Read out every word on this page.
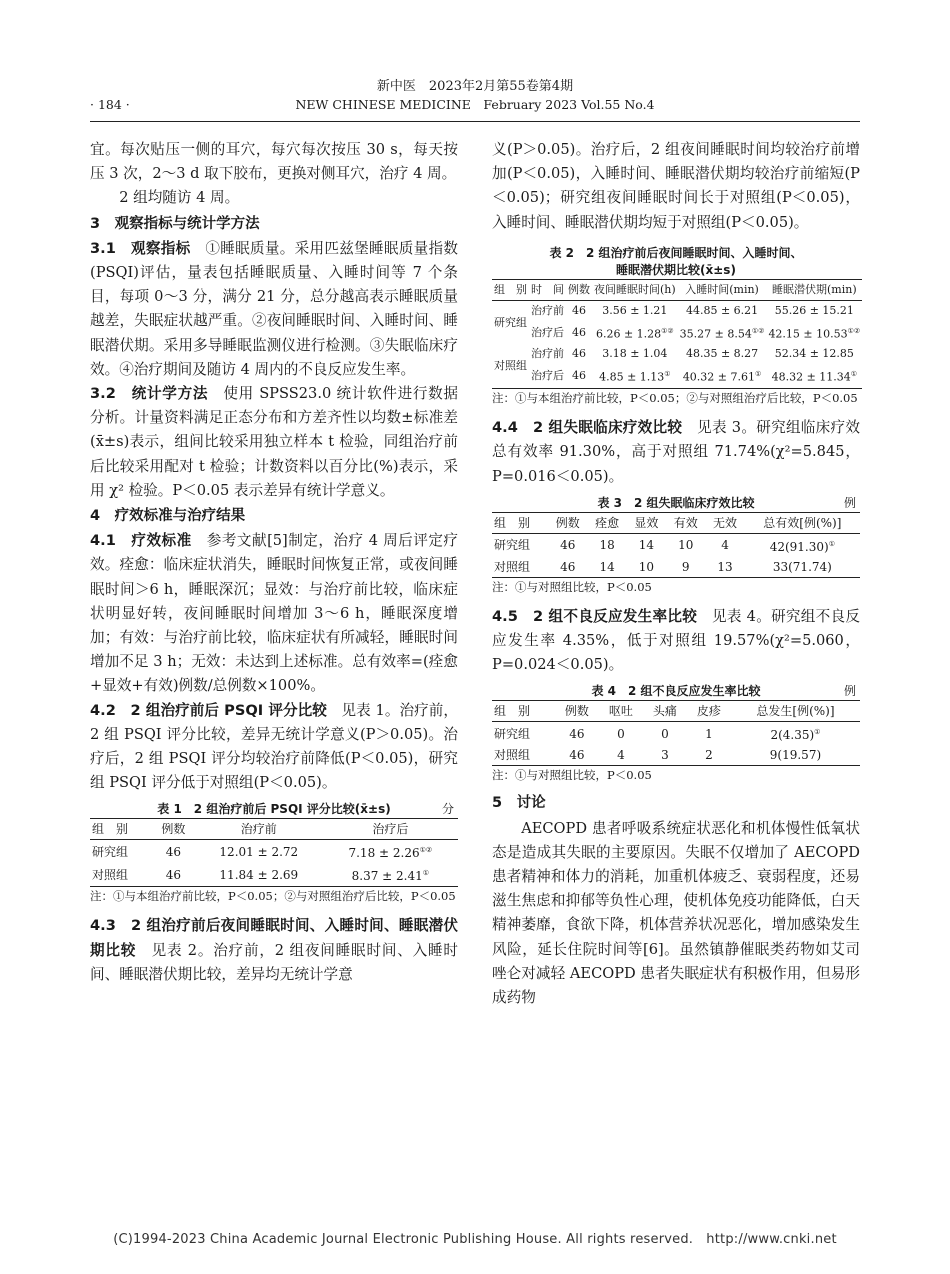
新中医　2023年2月第55卷第4期
· 184 ·	NEW CHINESE MEDICINE　February 2023 Vol.55 No.4
宜。每次贴压一侧的耳穴，每穴每次按压 30 s，每天按压 3 次，2～3 d 取下胶布，更换对侧耳穴，治疗 4 周。
2 组均随访 4 周。
3　观察指标与统计学方法
3.1　观察指标　 ①睡眠质量。采用匹兹堡睡眠质量指数(PSQI)评估，量表包括睡眠质量、入睡时间等 7 个条目，每项 0～3 分，满分 21 分，总分越高表示睡眠质量越差，失眠症状越严重。②夜间睡眠时间、入睡时间、睡眠潜伏期。采用多导睡眠监测仪进行检测。③失眠临床疗效。④治疗期间及随访 4 周内的不良反应发生率。
3.2　统计学方法　 使用 SPSS23.0 统计软件进行数据分析。计量资料满足正态分布和方差齐性以均数±标准差(x̄±s)表示，组间比较采用独立样本 t 检验，同组治疗前后比较采用配对 t 检验；计数资料以百分比(%)表示，采用 χ² 检验。P＜0.05 表示差异有统计学意义。
4　疗效标准与治疗结果
4.1　疗效标准　 参考文献[5]制定，治疗 4 周后评定疗效。痊愈：临床症状消失，睡眠时间恢复正常，或夜间睡眠时间＞6 h，睡眠深沉；显效：与治疗前比较，临床症状明显好转，夜间睡眠时间增加 3～6 h，睡眠深度增加；有效：与治疗前比较，临床症状有所减轻，睡眠时间增加不足 3 h；无效：未达到上述标准。总有效率=(痊愈+显效+有效)例数/总例数×100%。
4.2　2 组治疗前后 PSQI 评分比较　 见表 1。治疗前，2 组 PSQI 评分比较，差异无统计学意义(P＞0.05)。治疗后，2 组 PSQI 评分均较治疗前降低(P＜0.05)，研究组 PSQI 评分低于对照组(P＜0.05)。
表 1　2 组治疗前后 PSQI 评分比较(x̄±s)	分
组　别	例数	治疗前	治疗后
研究组	46	12.01 ± 2.72	7.18 ± 2.26①②
对照组	46	11.84 ± 2.69	8.37 ± 2.41①
注：①与本组治疗前比较，P＜0.05；②与对照组治疗后比较，P＜0.05
4.3　2 组治疗前后夜间睡眠时间、入睡时间、睡眠潜伏期比较　 见表 2。治疗前，2 组夜间睡眠时间、入睡时间、睡眠潜伏期比较，差异均无统计学意
义(P＞0.05)。治疗后，2 组夜间睡眠时间均较治疗前增加(P＜0.05)，入睡时间、睡眠潜伏期均较治疗前缩短(P＜0.05)；研究组夜间睡眠时间长于对照组(P＜0.05)，入睡时间、睡眠潜伏期均短于对照组(P＜0.05)。
表 2　2 组治疗前后夜间睡眠时间、入睡时间、
睡眠潜伏期比较(x̄±s)
组　别	时　间	例数	夜间睡眠时间(h)	入睡时间(min)	睡眠潜伏期(min)
研究组	治疗前	46	3.56 ± 1.21	44.85 ± 6.21	55.26 ± 15.21
	治疗后	46	6.26 ± 1.28①②	35.27 ± 8.54①②	42.15 ± 10.53①②
对照组	治疗前	46	3.18 ± 1.04	48.35 ± 8.27	52.34 ± 12.85
	治疗后	46	4.85 ± 1.13①	40.32 ± 7.61①	48.32 ± 11.34①
注：①与本组治疗前比较，P＜0.05；②与对照组治疗后比较，P＜0.05
4.4　2 组失眠临床疗效比较　 见表 3。研究组临床疗效总有效率 91.30%，高于对照组 71.74%(χ²=5.845，P=0.016＜0.05)。
表 3　2 组失眠临床疗效比较	例
组　别	例数	痊愈	显效	有效	无效	总有效[例(%)]
研究组	46	18	14	10	4	42(91.30)①
对照组	46	14	10	9	13	33(71.74)
注：①与对照组比较，P＜0.05
4.5　2 组不良反应发生率比较　 见表 4。研究组不良反应发生率 4.35%，低于对照组 19.57%(χ²=5.060，P=0.024＜0.05)。
表 4　2 组不良反应发生率比较	例
组　别	例数	呕吐	头痛	皮疹	总发生[例(%)]
研究组	46	0	0	1	2(4.35)①
对照组	46	4	3	2	9(19.57)
注：①与对照组比较，P＜0.05
5　讨论
AECOPD 患者呼吸系统症状恶化和机体慢性低氧状态是造成其失眠的主要原因。失眠不仅增加了 AECOPD 患者精神和体力的消耗，加重机体疲乏、衰弱程度，还易滋生焦虑和抑郁等负性心理，使机体免疫功能降低，白天精神萎靡，食欲下降，机体营养状况恶化，增加感染发生风险，延长住院时间等[6]。虽然镇静催眠类药物如艾司唑仑对减轻 AECOPD 患者失眠症状有积极作用，但易形成药物
(C)1994-2023 China Academic Journal Electronic Publishing House. All rights reserved.　http://www.cnki.net
